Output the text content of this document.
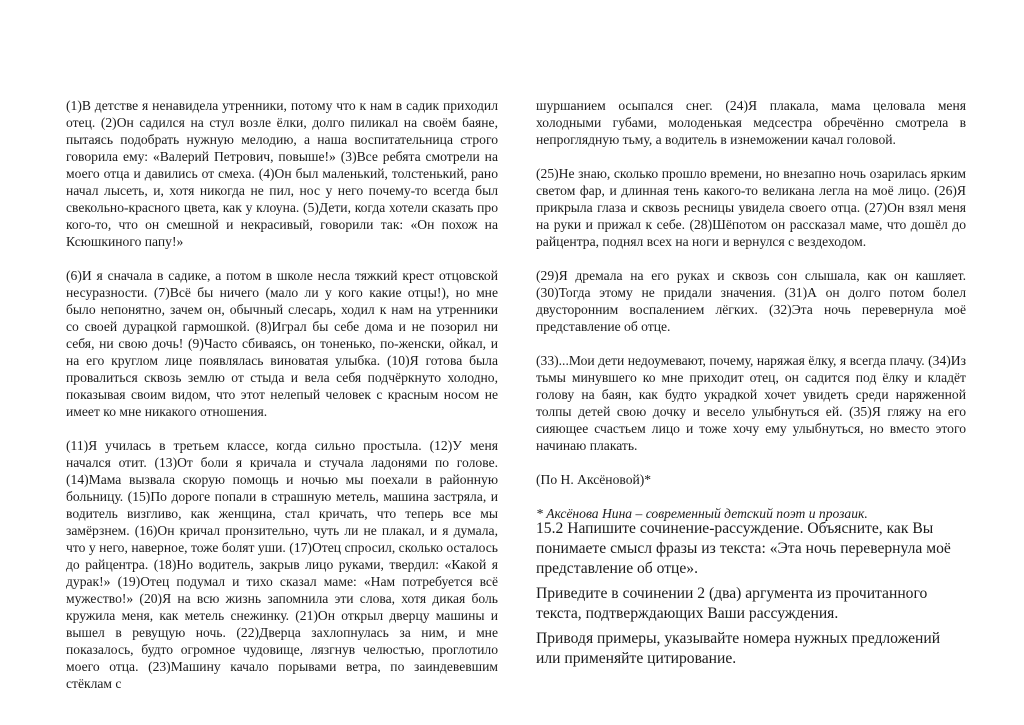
(1)В детстве я ненавидела утренники, потому что к нам в садик приходил отец. (2)Он садился на стул возле ёлки, долго пиликал на своём баяне, пытаясь подобрать нужную мелодию, а наша воспитательница строго говорила ему: «Валерий Петрович, повыше!» (3)Все ребята смотрели на моего отца и давились от смеха. (4)Он был маленький, толстенький, рано начал лысеть, и, хотя никогда не пил, нос у него почему-то всегда был свекольно-красного цвета, как у клоуна. (5)Дети, когда хотели сказать про кого-то, что он смешной и некрасивый, говорили так: «Он похож на Ксюшкиного папу!»

(6)И я сначала в садике, а потом в школе несла тяжкий крест отцовской несуразности. (7)Всё бы ничего (мало ли у кого какие отцы!), но мне было непонятно, зачем он, обычный слесарь, ходил к нам на утренники со своей дурацкой гармошкой. (8)Играл бы себе дома и не позорил ни себя, ни свою дочь! (9)Часто сбиваясь, он тоненько, по-женски, ойкал, и на его круглом лице появлялась виноватая улыбка. (10)Я готова была провалиться сквозь землю от стыда и вела себя подчёркнуто холодно, показывая своим видом, что этот нелепый человек с красным носом не имеет ко мне никакого отношения.

(11)Я училась в третьем классе, когда сильно простыла. (12)У меня начался отит. (13)От боли я кричала и стучала ладонями по голове. (14)Мама вызвала скорую помощь и ночью мы поехали в районную больницу. (15)По дороге попали в страшную метель, машина застряла, и водитель визгливо, как женщина, стал кричать, что теперь все мы замёрзнем. (16)Он кричал пронзительно, чуть ли не плакал, и я думала, что у него, наверное, тоже болят уши. (17)Отец спросил, сколько осталось до райцентра. (18)Но водитель, закрыв лицо руками, твердил: «Какой я дурак!» (19)Отец подумал и тихо сказал маме: «Нам потребуется всё мужество!» (20)Я на всю жизнь запомнила эти слова, хотя дикая боль кружила меня, как метель снежинку. (21)Он открыл дверцу машины и вышел в ревущую ночь. (22)Дверца захлопнулась за ним, и мне показалось, будто огромное чудовище, лязгнув челюстью, проглотило моего отца. (23)Машину качало порывами ветра, по заиндевевшим стёклам с

шуршанием осыпался снег. (24)Я плакала, мама целовала меня холодными губами, молоденькая медсестра обречённо смотрела в непроглядную тьму, а водитель в изнеможении качал головой.

(25)Не знаю, сколько прошло времени, но внезапно ночь озарилась ярким светом фар, и длинная тень какого-то великана легла на моё лицо. (26)Я прикрыла глаза и сквозь ресницы увидела своего отца. (27)Он взял меня на руки и прижал к себе. (28)Шёпотом он рассказал маме, что дошёл до райцентра, поднял всех на ноги и вернулся с вездеходом.

(29)Я дремала на его руках и сквозь сон слышала, как он кашляет. (30)Тогда этому не придали значения. (31)А он долго потом болел двусторонним воспалением лёгких. (32)Эта ночь перевернула моё представление об отце.

(33)...Мои дети недоумевают, почему, наряжая ёлку, я всегда плачу. (34)Из тьмы минувшего ко мне приходит отец, он садится под ёлку и кладёт голову на баян, как будто украдкой хочет увидеть среди наряженной толпы детей свою дочку и весело улыбнуться ей. (35)Я гляжу на его сияющее счастьем лицо и тоже хочу ему улыбнуться, но вместо этого начинаю плакать.

(По Н. Аксёновой)*

* Аксёнова Нина – современный детский поэт и прозаик.

15.2 Напишите сочинение-рассуждение. Объясните, как Вы понимаете смысл фразы из текста: «Эта ночь перевернула моё представление об отце».

Приведите в сочинении 2 (два) аргумента из прочитанного текста, подтверждающих Ваши рассуждения.

Приводя примеры, указывайте номера нужных предложений или применяйте цитирование.
